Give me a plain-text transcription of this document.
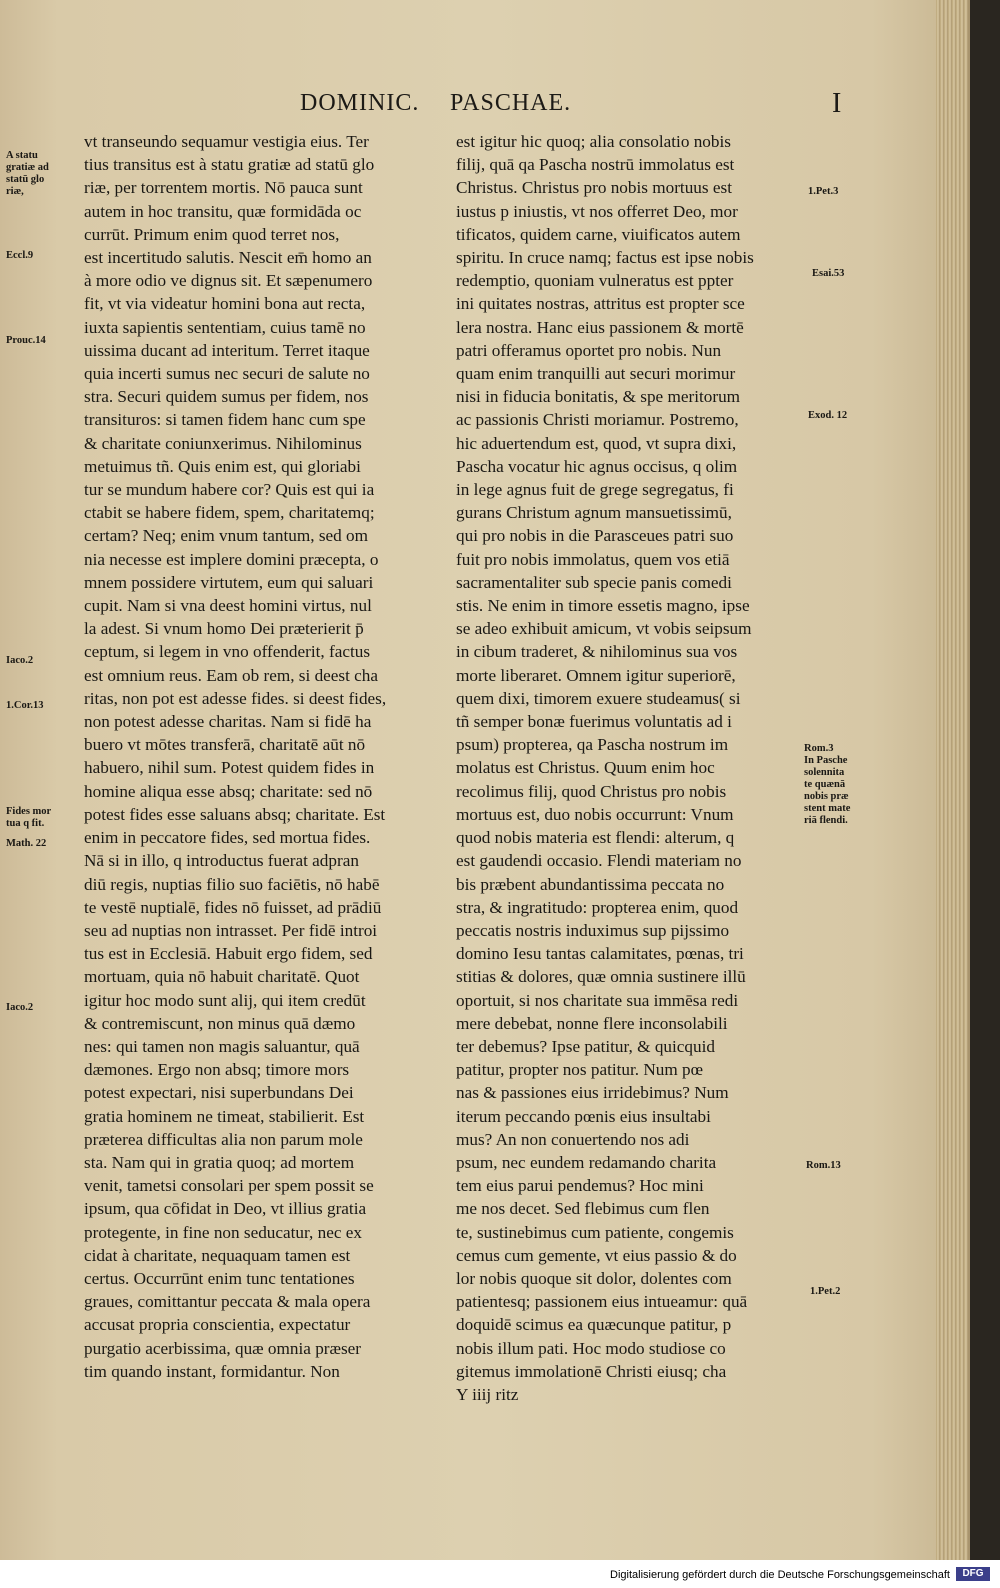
DOMINIC. PASCHAE.	I
vt transeundo sequamur vestigia eius. Ter
tius transitus est à statu gratiæ ad statū glo
riæ, per torrentem mortis. Nō pauca sunt
autem in hoc transitu, quæ formidāda oc
currūt. Primum enim quod terret nos,
est incertitudo salutis. Nescit em̄ homo an
à more odio ve dignus sit. Et sæpenumero
fit, vt via videatur homini bona aut recta,
iuxta sapientis sententiam, cuius tamē no
uissima ducant ad interitum. Terret itaque
quia incerti sumus nec securi de salute no
stra. Securi quidem sumus per fidem, nos
transituros: si tamen fidem hanc cum spe
& charitate coniunxerimus. Nihilominus
metuimus tñ. Quis enim est, qui gloriabi
tur se mundum habere cor? Quis est qui ia
ctabit se habere fidem, spem, charitatemq;
certam? Neq; enim vnum tantum, sed om
nia necesse est implere domini præcepta, o
mnem possidere virtutem, eum qui saluari
cupit. Nam si vna deest homini virtus, nul
la adest. Si vnum homo Dei præterierit p̄
ceptum, si legem in vno offenderit, factus
est omnium reus. Eam ob rem, si deest cha
ritas, non pot est adesse fides. si deest fides,
non potest adesse charitas. Nam si fidē ha
buero vt mōtes transferā, charitatē aūt nō
habuero, nihil sum. Potest quidem fides in
homine aliqua esse absq; charitate: sed nō
potest fides esse saluans absq; charitate. Est
enim in peccatore fides, sed mortua fides.
Nā si in illo, q introductus fuerat adpran
diū regis, nuptias filio suo faciētis, nō habē
te vestē nuptialē, fides nō fuisset, ad prādiū
seu ad nuptias non intrasset. Per fidē introi
tus est in Ecclesiā. Habuit ergo fidem, sed
mortuam, quia nō habuit charitatē. Quot
igitur hoc modo sunt alij, qui item credūt
& contremiscunt, non minus quā dæmo
nes: qui tamen non magis saluantur, quā
dæmones. Ergo non absq; timore mors
potest expectari, nisi superbundans Dei
gratia hominem ne timeat, stabilierit. Est
præterea difficultas alia non parum mole
sta. Nam qui in gratia quoq; ad mortem
venit, tametsi consolari per spem possit se
ipsum, qua cōfidat in Deo, vt illius gratia
protegente, in fine non seducatur, nec ex
cidat à charitate, nequaquam tamen est
certus. Occurrūnt enim tunc tentationes
graues, comittantur peccata & mala opera
accusat propria conscientia, expectatur
purgatio acerbissima, quæ omnia præser
tim quando instant, formidantur. Non
est igitur hic quoq; alia consolatio nobis
filij, quā qa Pascha nostrū immolatus est
Christus. Christus pro nobis mortuus est
iustus p iniustis, vt nos offerret Deo, mor
tificatos, quidem carne, viuificatos autem
spiritu. In cruce namq; factus est ipse nobis
redemptio, quoniam vulneratus est ppter
ini quitates nostras, attritus est propter sce
lera nostra. Hanc eius passionem & mortē
patri offeramus oportet pro nobis. Nun
quam enim tranquilli aut securi morimur
nisi in fiducia bonitatis, & spe meritorum
ac passionis Christi moriamur. Postremo,
hic aduertendum est, quod, vt supra dixi,
Pascha vocatur hic agnus occisus, q olim
in lege agnus fuit de grege segregatus, fi
gurans Christum agnum mansuetissimū,
qui pro nobis in die Parasceues patri suo
fuit pro nobis immolatus, quem vos etiā
sacramentaliter sub specie panis comedi
stis. Ne enim in timore essetis magno, ipse
se adeo exhibuit amicum, vt vobis seipsum
in cibum traderet, & nihilominus sua vos
morte liberaret. Omnem igitur superiorē,
quem dixi, timorem exuere studeamus( si
tñ semper bonæ fuerimus voluntatis ad i
psum) propterea, qa Pascha nostrum im
molatus est Christus. Quum enim hoc
recolimus filij, quod Christus pro nobis
mortuus est, duo nobis occurrunt: Vnum
quod nobis materia est flendi: alterum, q
est gaudendi occasio. Flendi materiam no
bis præbent abundantissima peccata no
stra, & ingratitudo: propterea enim, quod
peccatis nostris induximus sup pijssimo
domino Iesu tantas calamitates, pœnas, tri
stitias & dolores, quæ omnia sustinere illū
oportuit, si nos charitate sua immēsa redi
mere debebat, nonne flere inconsolabili
ter debemus? Ipse patitur, & quicquid
patitur, propter nos patitur. Num pœ
nas & passiones eius irridebimus? Num
iterum peccando pœnis eius insultabi
mus? An non conuertendo nos adi
psum, nec eundem redamando charita
tem eius parui pendemus? Hoc mini
me nos decet. Sed flebimus cum flen
te, sustinebimus cum patiente, congemis
cemus cum gemente, vt eius passio & do
lor nobis quoque sit dolor, dolentes com
patientesq; passionem eius intueamur: quā
doquidē scimus ea quæcunque patitur, p
nobis illum pati. Hoc modo studiose co
gitemus immolationē Christi eiusq; cha
Y iiij ritz
A statu
gratiæ ad
statū glo
riæ,
Eccl.9
Prouc.14
Iaco.2
1.Cor.13
Fides mor
tua q fit.
Math. 22
Iaco.2
1.Pet.3
Esai.53
Exod. 12
Rom.3
In Pasche
solennita
te quænā
nobis præ
stent mate
riā flendi.
Rom.13
1.Pet.2
Digitalisierung gefördert durch die Deutsche Forschungsgemeinschaft	DFG
